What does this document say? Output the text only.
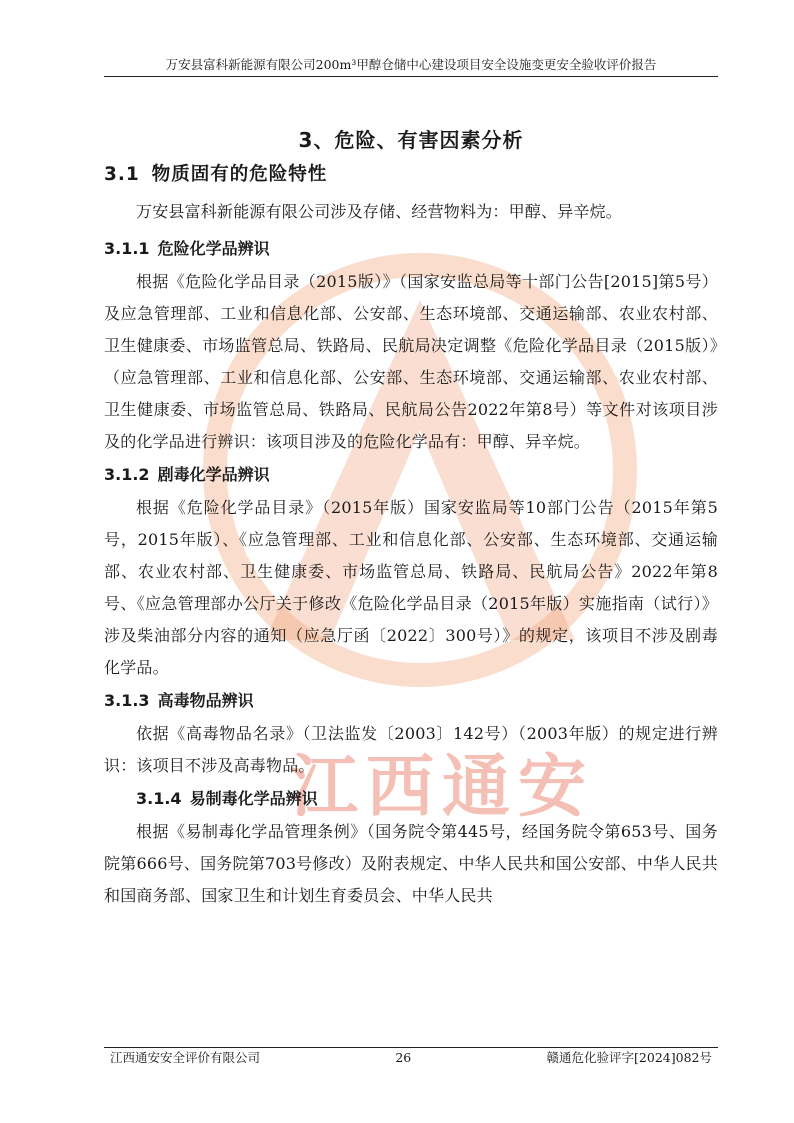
江西通安
万安县富科新能源有限公司200m³甲醇仓储中心建设项目安全设施变更安全验收评价报告
3、危险、有害因素分析
3.1 物质固有的危险特性

万安县富科新能源有限公司涉及存储、经营物料为：甲醇、异辛烷。

3.1.1 危险化学品辨识

根据《危险化学品目录（2015版）》（国家安监总局等十部门公告[2015]第5号）及应急管理部、工业和信息化部、公安部、生态环境部、交通运输部、农业农村部、卫生健康委、市场监管总局、铁路局、民航局决定调整《危险化学品目录（2015版）》（应急管理部、工业和信息化部、公安部、生态环境部、交通运输部、农业农村部、卫生健康委、市场监管总局、铁路局、民航局公告2022年第8号）等文件对该项目涉及的化学品进行辨识：该项目涉及的危险化学品有：甲醇、异辛烷。

3.1.2 剧毒化学品辨识

根据《危险化学品目录》（2015年版）国家安监局等10部门公告（2015年第5号，2015年版）、《应急管理部、工业和信息化部、公安部、生态环境部、交通运输部、农业农村部、卫生健康委、市场监管总局、铁路局、民航局公告》2022年第8号、《应急管理部办公厅关于修改《危险化学品目录（2015年版）实施指南（试行）》涉及柴油部分内容的通知（应急厅函〔2022〕300号）》的规定，该项目不涉及剧毒化学品。

3.1.3 高毒物品辨识

依据《高毒物品名录》（卫法监发〔2003〕142号）（2003年版）的规定进行辨识：该项目不涉及高毒物品。

3.1.4 易制毒化学品辨识

根据《易制毒化学品管理条例》（国务院令第445号，经国务院令第653号、国务院第666号、国务院第703号修改）及附表规定、中华人民共和国公安部、中华人民共和国商务部、国家卫生和计划生育委员会、中华人民共

江西通安安全评价有限公司	26	赣通危化验评字[2024]082号
